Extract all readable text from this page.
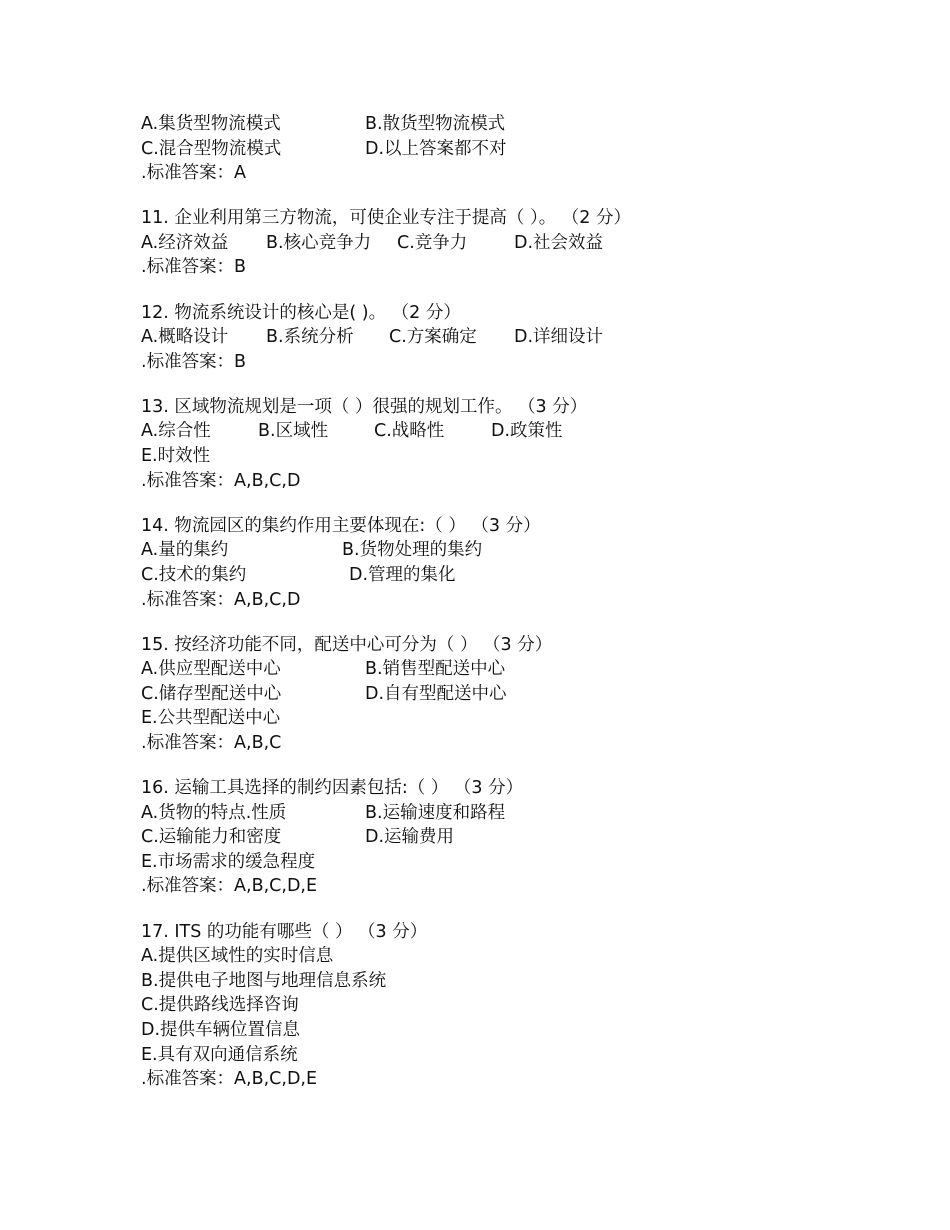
A.集货型物流模式

	B.散货型物流模式

C.混合型物流模式

	D.以上答案都不对

.标准答案：A
11. 企业利用第三方物流，可使企业专注于提高（ ）。 （2 分）

A.经济效益

B.核心竞争力

C.竞争力

	D.社会效益

.标准答案：B
12. 物流系统设计的核心是( )。 （2 分）

A.概略设计

B.系统分析

C.方案确定

D.详细设计

.标准答案：B
13. 区域物流规划是一项（ ）很强的规划工作。 （3 分）

A.综合性

	B.区域性

	C.战略性

	D.政策性

E.时效性
.标准答案：A,B,C,D
14. 物流园区的集约作用主要体现在:（ ） （3 分）

A.量的集约

	B.货物处理的集约

C.技术的集约

	D.管理的集化

.标准答案：A,B,C,D
15. 按经济功能不同，配送中心可分为（ ） （3 分）

A.供应型配送中心

	B.销售型配送中心

C.储存型配送中心

	D.自有型配送中心

E.公共型配送中心
.标准答案：A,B,C
16. 运输工具选择的制约因素包括:（ ） （3 分）

A.货物的特点.性质

	B.运输速度和路程

C.运输能力和密度

	D.运输费用

E.市场需求的缓急程度
.标准答案：A,B,C,D,E
17. ITS 的功能有哪些（ ） （3 分）
A.提供区域性的实时信息
B.提供电子地图与地理信息系统
C.提供路线选择咨询
D.提供车辆位置信息
E.具有双向通信系统
.标准答案：A,B,C,D,E
